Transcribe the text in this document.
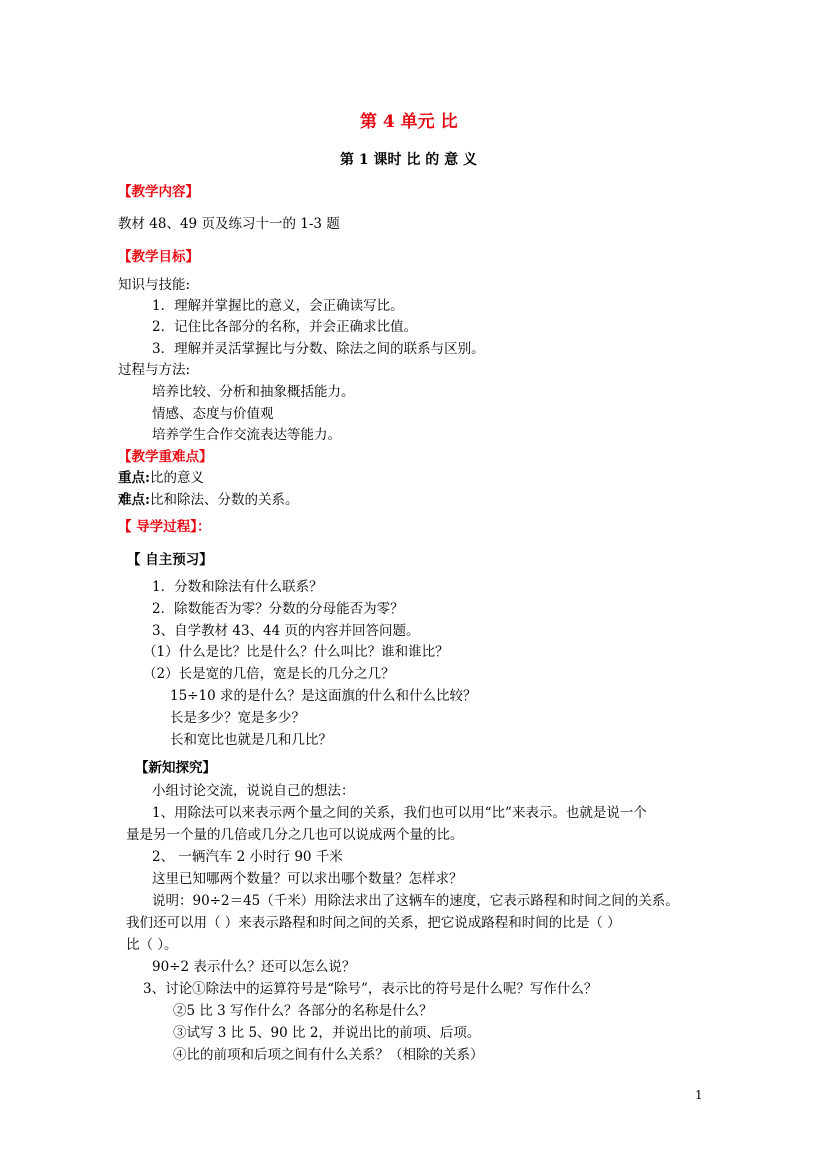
第 4 单元 比
第 1 课时 比 的 意 义
【教学内容】
教材 48、49 页及练习十一的 1-3 题
【教学目标】
知识与技能:
1．理解并掌握比的意义，会正确读写比。
2．记住比各部分的名称，并会正确求比值。
3．理解并灵活掌握比与分数、除法之间的联系与区别。
过程与方法:
培养比较、分析和抽象概括能力。
情感、态度与价值观
培养学生合作交流表达等能力。
【教学重难点】
重点:比的意义
难点:比和除法、分数的关系。
【 导学过程】：
【 自主预习】
1．分数和除法有什么联系？
2．除数能否为零？分数的分母能否为零？
3、自学教材 43、44 页的内容并回答问题。
（1）什么是比？比是什么？什么叫比？谁和谁比？
（2）长是宽的几倍，宽是长的几分之几？
15÷10 求的是什么？是这面旗的什么和什么比较？
长是多少？宽是多少？
长和宽比也就是几和几比？
【新知探究】
小组讨论交流，说说自己的想法：
1、用除法可以来表示两个量之间的关系，我们也可以用“比”来表示。也就是说一个
量是另一个量的几倍或几分之几也可以说成两个量的比。
2、 一辆汽车 2 小时行 90 千米
这里已知哪两个数量？可以求出哪个数量？怎样求？
说明：90÷2＝45（千米）用除法求出了这辆车的速度，它表示路程和时间之间的关系。
我们还可以用（ ）来表示路程和时间之间的关系，把它说成路程和时间的比是（ ）
比（ ）。
90÷2 表示什么？还可以怎么说？
3、讨论①除法中的运算符号是“除号”，表示比的符号是什么呢？写作什么？
②5 比 3 写作什么？各部分的名称是什么？
③试写 3 比 5、90 比 2，并说出比的前项、后项。
④比的前项和后项之间有什么关系？（相除的关系）
1
